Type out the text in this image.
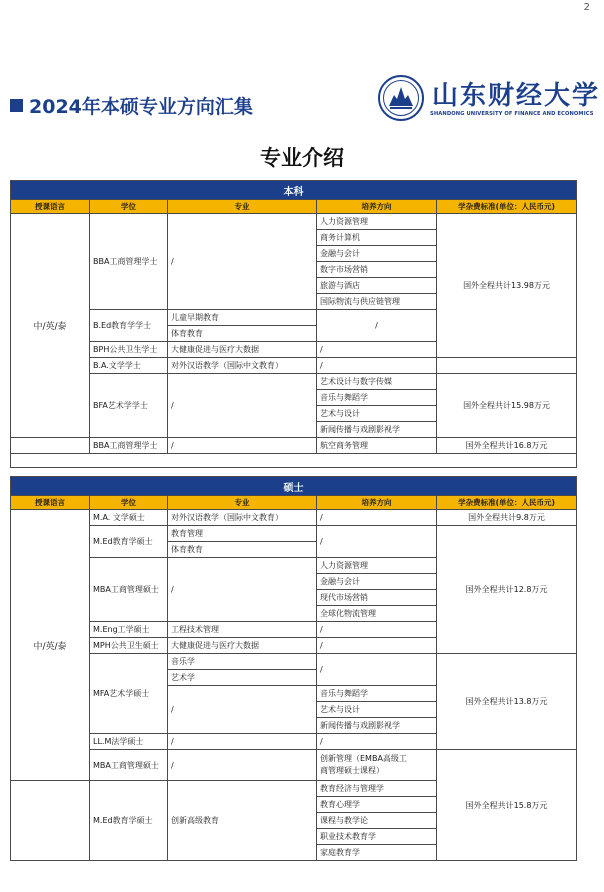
2
2024年本硕专业方向汇集	山东财经大学
SHANDONG UNIVERSITY OF FINANCE AND ECONOMICS
专业介绍
本科				
授课语言	学位	专业	培养方向	学杂费标准(单位：人民币元)
中/英/泰	BBA工商管理学士	/	人力资源管理	国外全程共计13.98万元
			商务计算机	
			金融与会计	
			数字市场营销	
			旅游与酒店	
			国际物流与供应链管理	
	B.Ed教育学学士	儿童早期教育	/	
		体育教育		
	BPH公共卫生学士	大健康促进与医疗大数据	/	
	B.A.文学学士	对外汉语教学（国际中文教育）	/	
	BFA艺术学学士	/	艺术设计与数字传媒	国外全程共计15.98万元
			音乐与舞蹈学	
			艺术与设计	
			新闻传播与戏剧影视学	
	BBA工商管理学士	/	航空商务管理	国外全程共计16.8万元

硕士				
授课语言	学位	专业	培养方向	学杂费标准(单位：人民币元)
中/英/泰	M.A. 文学硕士	对外汉语教学（国际中文教育）	/	国外全程共计9.8万元
	M.Ed教育学硕士	教育管理	/	国外全程共计12.8万元
		体育教育		
	MBA工商管理硕士	/	人力资源管理	
			金融与会计	
			现代市场营销	
			全球化物流管理	
	M.Eng工学硕士	工程技术管理	/	
	MPH公共卫生硕士	大健康促进与医疗大数据	/	
	MFA艺术学硕士	音乐学	/	国外全程共计13.8万元
		艺术学		
		/	音乐与舞蹈学	
			艺术与设计	
			新闻传播与戏剧影视学	
	LL.M法学硕士	/	/	
	MBA工商管理硕士	/	创新管理（EMBA高级工
商管理硕士课程）	国外全程共计15.8万元
	M.Ed教育学硕士	创新高级教育	教育经济与管理学	
			教育心理学	
			课程与教学论	
			职业技术教育学	
			家庭教育学	
